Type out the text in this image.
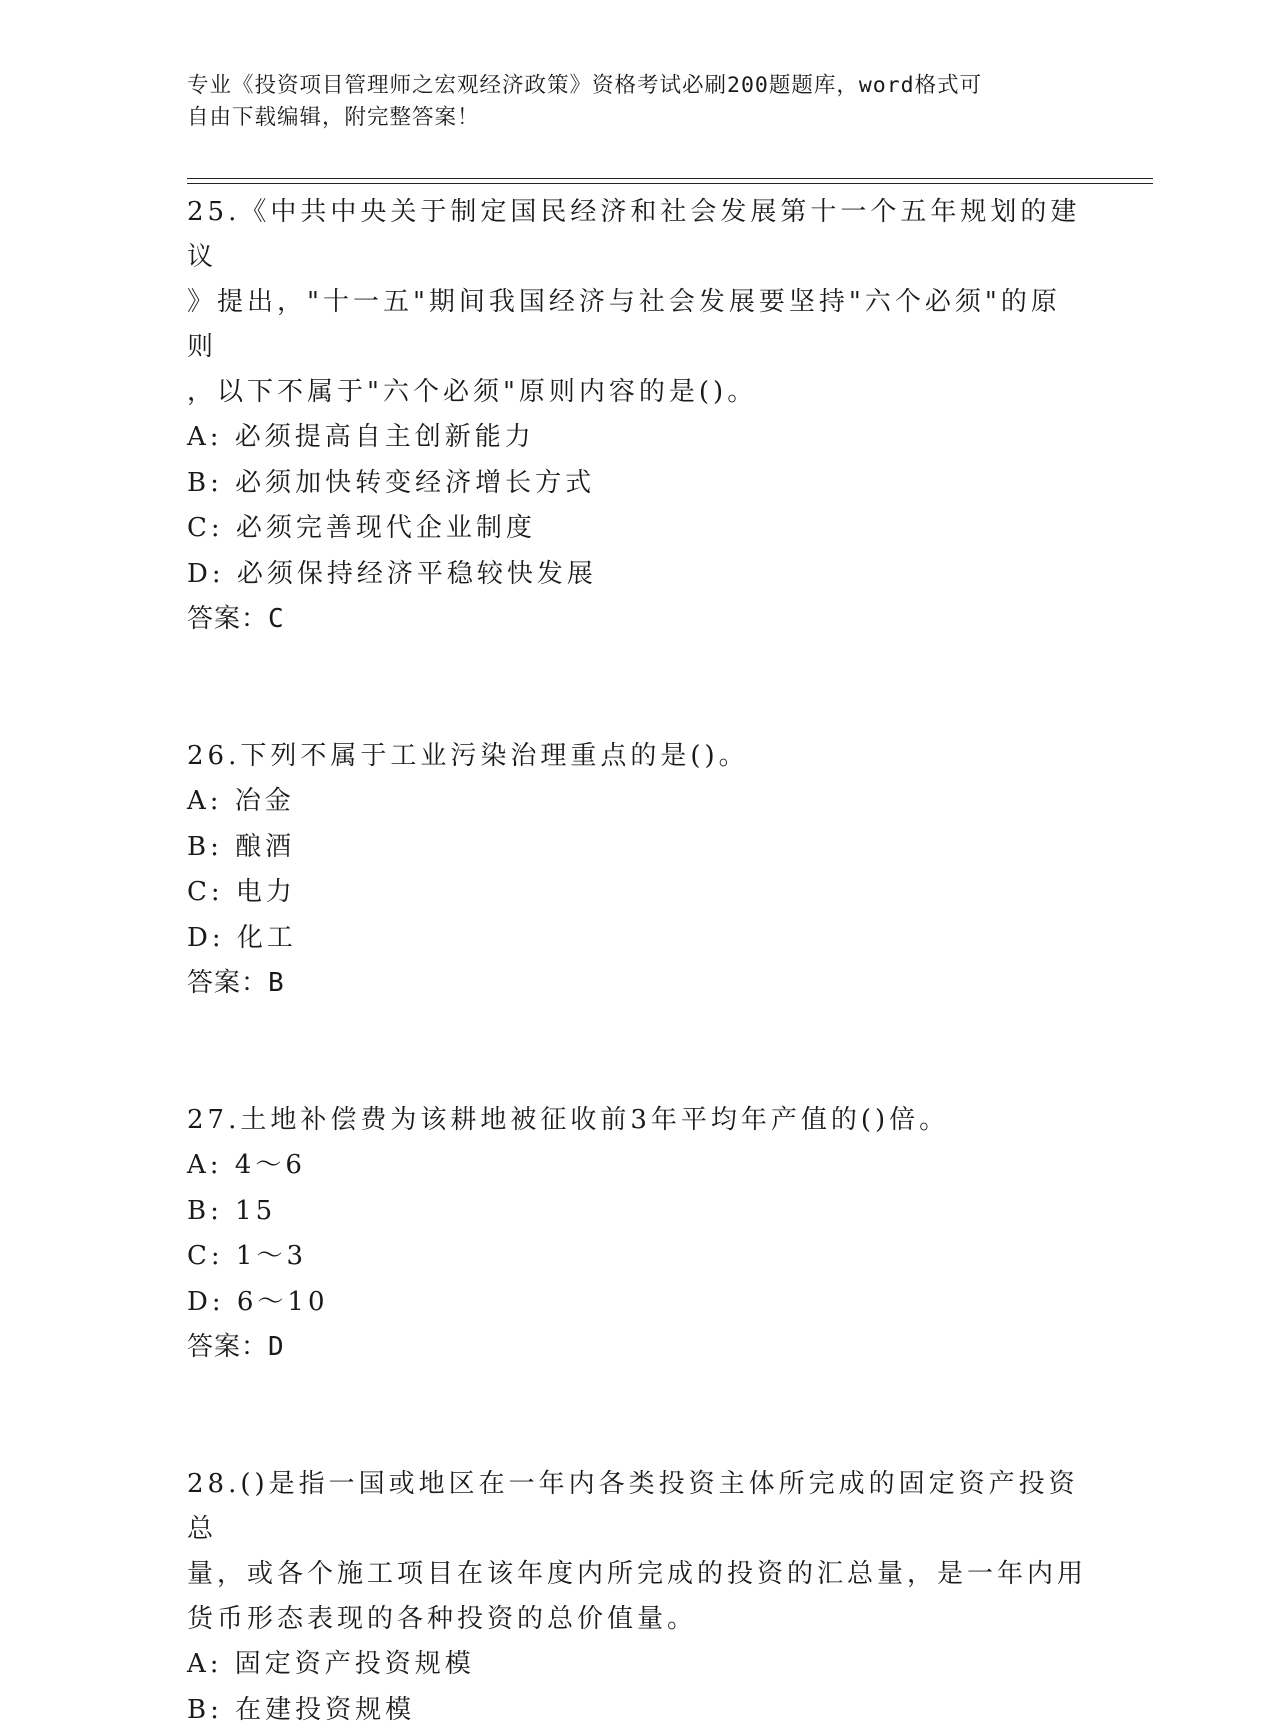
专业《投资项目管理师之宏观经济政策》资格考试必刷200题题库，word格式可
自由下载编辑，附完整答案！
25.《中共中央关于制定国民经济和社会发展第十一个五年规划的建议
》提出，"十一五"期间我国经济与社会发展要坚持"六个必须"的原则
，以下不属于"六个必须"原则内容的是()。
A: 必须提高自主创新能力
B: 必须加快转变经济增长方式
C: 必须完善现代企业制度
D: 必须保持经济平稳较快发展
答案：C
26.下列不属于工业污染治理重点的是()。
A: 冶金
B: 酿酒
C: 电力
D: 化工
答案：B
27.土地补偿费为该耕地被征收前3年平均年产值的()倍。
A: 4～6
B: 15
C: 1～3
D: 6～10
答案：D
28.()是指一国或地区在一年内各类投资主体所完成的固定资产投资总
量，或各个施工项目在该年度内所完成的投资的汇总量，是一年内用
货币形态表现的各种投资的总价值量。
A: 固定资产投资规模
B: 在建投资规模
